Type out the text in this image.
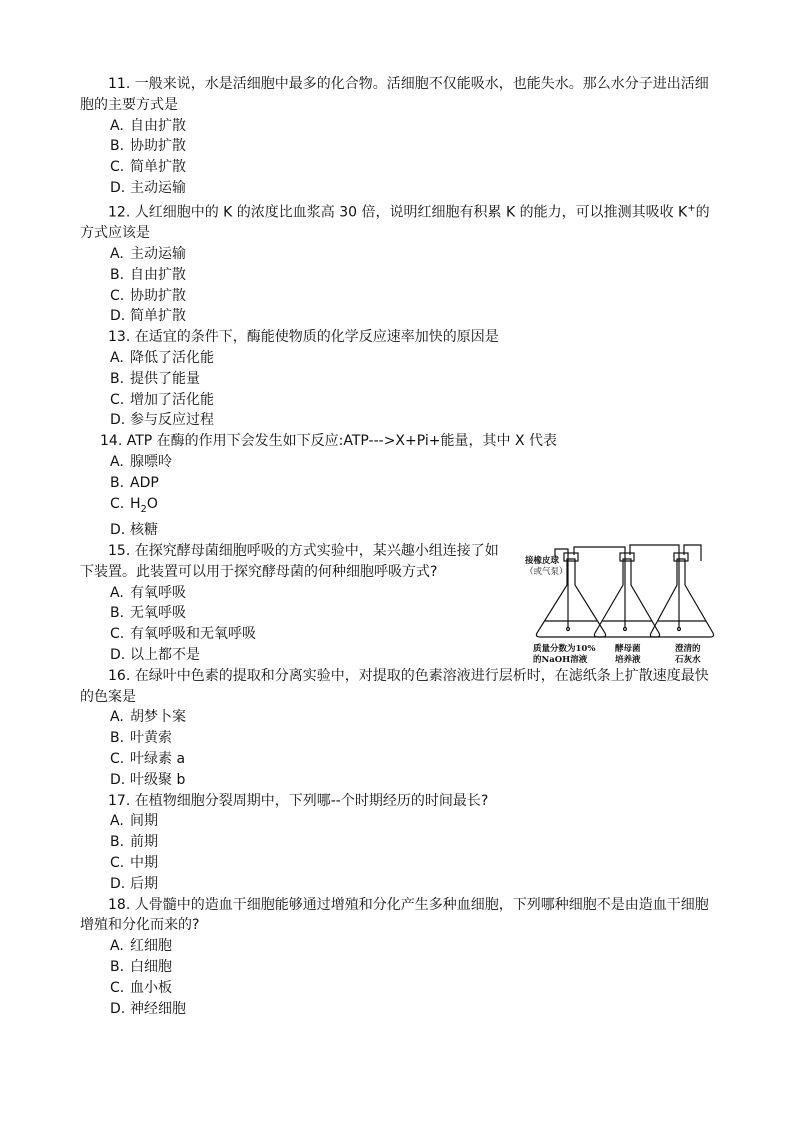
11. 一般来说，水是活细胞中最多的化合物。活细胞不仅能吸水，也能失水。那么水分子进出活细胞的主要方式是

A. 自由扩散

B. 协助扩散

C. 简单扩散

D. 主动运输

12. 人红细胞中的 K 的浓度比血浆高 30 倍，说明红细胞有积累 K 的能力，可以推测其吸收 K+的方式应该是

A. 主动运输

B. 自由扩散

C. 协助扩散

D. 简单扩散

13. 在适宜的条件下，酶能使物质的化学反应速率加快的原因是

A. 降低了活化能

B. 提供了能量

C. 增加了活化能

D. 参与反应过程

14. ATP 在酶的作用下会发生如下反应:ATP--->X+Pi+能量，其中 X 代表

A. 腺嘌呤

B. ADP

C. $H_2O$

D. 核糖

15. 在探究酵母菌细胞呼吸的方式实验中，某兴趣小组连接了如下装置。此装置可以用于探究酵母菌的何种细胞呼吸方式?

A. 有氧呼吸

B. 无氧呼吸

C. 有氧呼吸和无氧呼吸

D. 以上都不是

接橡皮球
（或气泵）
质量分数为10%
的NaOH溶液
酵母菌
培养液
澄清的
石灰水

16. 在绿叶中色素的提取和分离实验中，对提取的色素溶液进行层析时，在滤纸条上扩散速度最快的色案是

A. 胡梦卜案

B. 叶黄索

C. 叶绿素 a

D. 叶级聚 b

17. 在植物细胞分裂周期中，下列哪--个时期经历的时间最长?

A. 间期

B. 前期

C. 中期

D. 后期

18. 人骨髓中的造血干细胞能够通过增殖和分化产生多种血细胞，下列哪种细胞不是由造血干细胞增殖和分化而来的?

A. 红细胞

B. 白细胞

C. 血小板

D. 神经细胞
